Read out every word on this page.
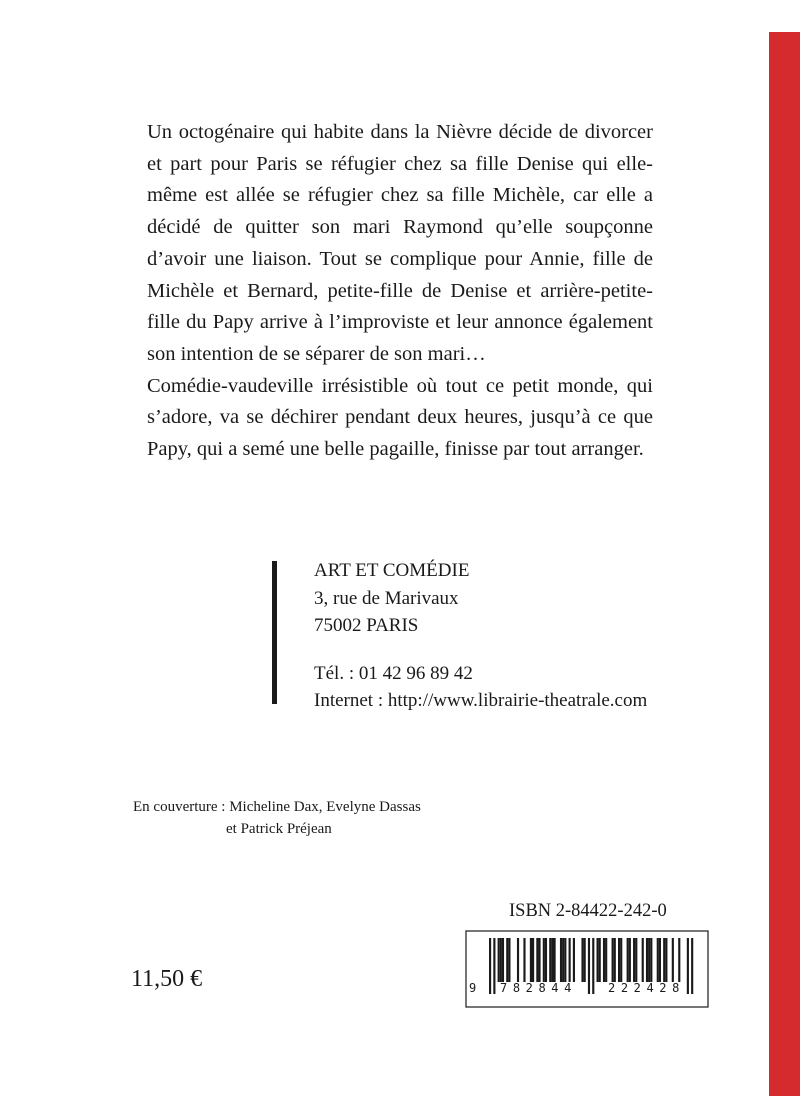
Un octogénaire qui habite dans la Nièvre décide de divorcer et part pour Paris se réfugier chez sa fille Denise qui elle-même est allée se réfugier chez sa fille Michèle, car elle a décidé de quitter son mari Raymond qu’elle soupçonne d’avoir une liaison. Tout se complique pour Annie, fille de Michèle et Bernard, petite-fille de Denise et arrière-petite-fille du Papy arrive à l’improviste et leur annonce également son intention de se séparer de son mari…

Comédie-vaudeville irrésistible où tout ce petit monde, qui s’adore, va se déchirer pendant deux heures, jusqu’à ce que Papy, qui a semé une belle pagaille, finisse par tout arranger.

ART ET COMÉDIE
3, rue de Marivaux
75002 PARIS
Tél. : 01 42 96 89 42
Internet : http://www.librairie-theatrale.com
En couverture : Micheline Dax, Evelyne Dassas
et Patrick Préjean
ISBN 2-84422-242-0
11,50 €	9 782844	222428
